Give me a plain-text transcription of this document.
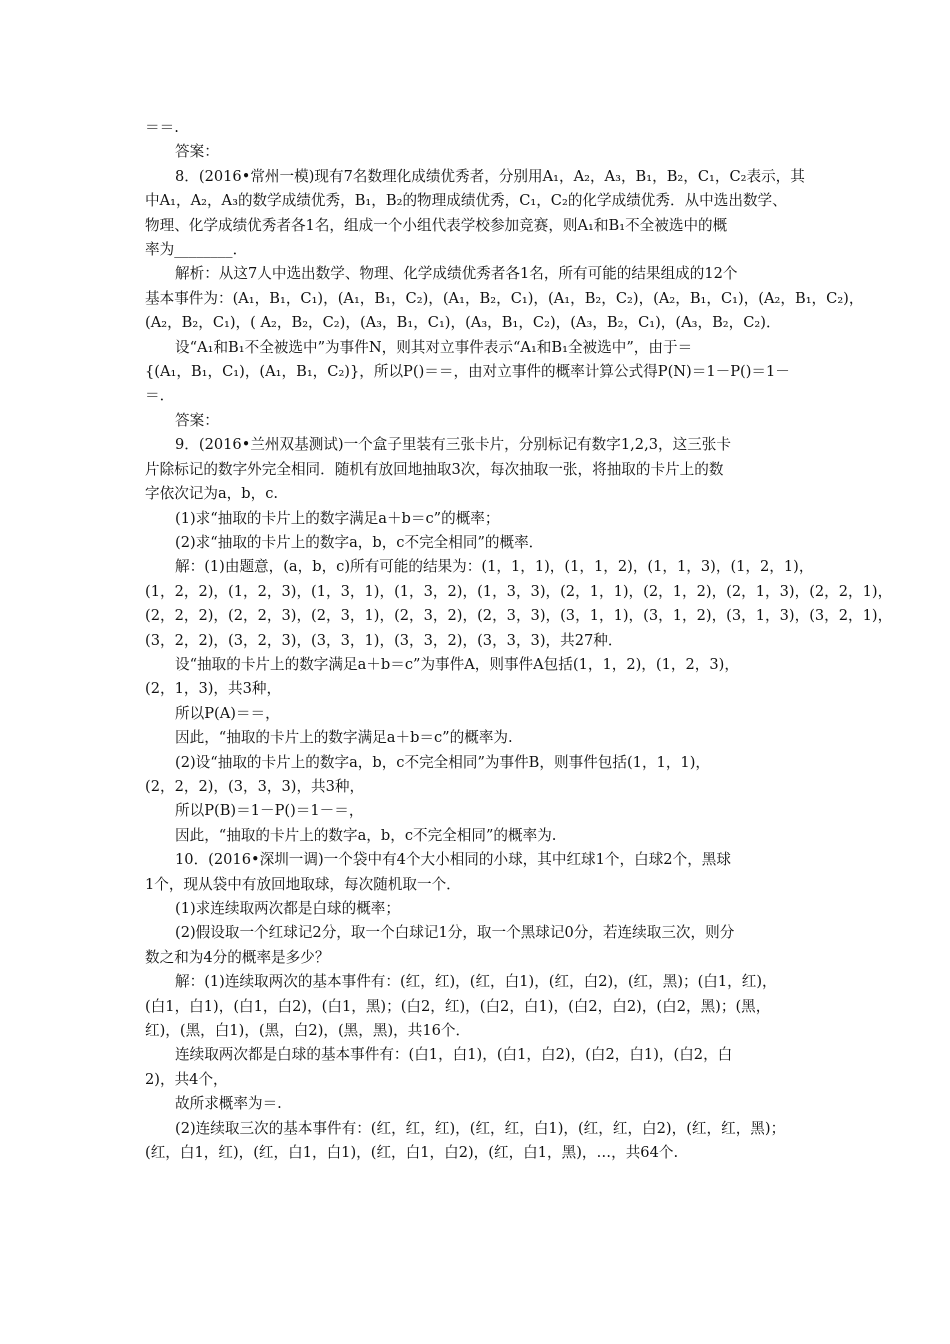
＝＝.
答案：
8．(2016•常州一模)现有7名数理化成绩优秀者，分别用A₁，A₂，A₃，B₁，B₂，C₁，C₂表示，其
中A₁，A₂，A₃的数学成绩优秀，B₁，B₂的物理成绩优秀，C₁，C₂的化学成绩优秀．从中选出数学、
物理、化学成绩优秀者各1名，组成一个小组代表学校参加竞赛，则A₁和B₁不全被选中的概
率为________．
解析：从这7人中选出数学、物理、化学成绩优秀者各1名，所有可能的结果组成的12个
基本事件为：(A₁，B₁，C₁)，(A₁，B₁，C₂)，(A₁，B₂，C₁)，(A₁，B₂，C₂)，(A₂，B₁，C₁)，(A₂，B₁，C₂)，
(A₂，B₂，C₁)，( A₂，B₂，C₂)，(A₃，B₁，C₁)，(A₃，B₁，C₂)，(A₃，B₂，C₁)，(A₃，B₂，C₂)．
设“A₁和B₁不全被选中”为事件N，则其对立事件表示“A₁和B₁全被选中”，由于＝
{(A₁，B₁，C₁)，(A₁，B₁，C₂)}，所以P()＝＝，由对立事件的概率计算公式得P(N)＝1－P()＝1－
＝．
答案：
9．(2016•兰州双基测试)一个盒子里装有三张卡片，分别标记有数字1,2,3，这三张卡
片除标记的数字外完全相同．随机有放回地抽取3次，每次抽取一张，将抽取的卡片上的数
字依次记为a，b，c.
(1)求“抽取的卡片上的数字满足a＋b＝c”的概率；
(2)求“抽取的卡片上的数字a，b，c不完全相同”的概率．
解：(1)由题意，(a，b，c)所有可能的结果为：(1，1，1)，(1，1，2)，(1，1，3)，(1，2，1)，
(1，2，2)，(1，2，3)，(1，3，1)，(1，3，2)，(1，3，3)，(2，1，1)，(2，1，2)，(2，1，3)，(2，2，1)，
(2，2，2)，(2，2，3)，(2，3，1)，(2，3，2)，(2，3，3)，(3，1，1)，(3，1，2)，(3，1，3)，(3，2，1)，
(3，2，2)，(3，2，3)，(3，3，1)，(3，3，2)，(3，3，3)，共27种．
设“抽取的卡片上的数字满足a＋b＝c”为事件A，则事件A包括(1，1，2)，(1，2，3)，
(2，1，3)，共3种，
所以P(A)＝＝，
因此，“抽取的卡片上的数字满足a＋b＝c”的概率为.
(2)设“抽取的卡片上的数字a，b，c不完全相同”为事件B，则事件包括(1，1，1)，
(2，2，2)，(3，3，3)，共3种，
所以P(B)＝1－P()＝1－＝，
因此，“抽取的卡片上的数字a，b，c不完全相同”的概率为.
10．(2016•深圳一调)一个袋中有4个大小相同的小球，其中红球1个，白球2个，黑球
1个，现从袋中有放回地取球，每次随机取一个．
(1)求连续取两次都是白球的概率；
(2)假设取一个红球记2分，取一个白球记1分，取一个黑球记0分，若连续取三次，则分
数之和为4分的概率是多少？
解：(1)连续取两次的基本事件有：(红，红)，(红，白1)，(红，白2)，(红，黑)；(白1，红)，
(白1，白1)，(白1，白2)，(白1，黑)；(白2，红)，(白2，白1)，(白2，白2)，(白2，黑)；(黑，
红)，(黑，白1)，(黑，白2)，(黑，黑)，共16个．
连续取两次都是白球的基本事件有：(白1，白1)，(白1，白2)，(白2，白1)，(白2，白
2)，共4个，
故所求概率为＝.
(2)连续取三次的基本事件有：(红，红，红)，(红，红，白1)，(红，红，白2)，(红，红，黑)；
(红，白1，红)，(红，白1，白1)，(红，白1，白2)，(红，白1，黑)，…，共64个.
